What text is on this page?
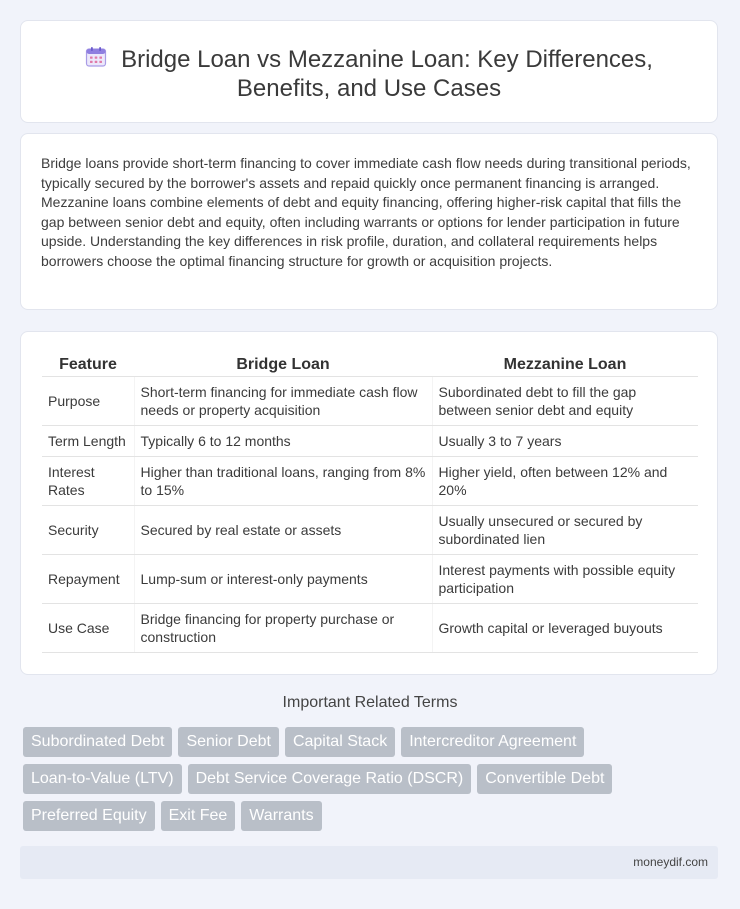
Bridge Loan vs Mezzanine Loan: Key Differences,
Benefits, and Use Cases

Bridge loans provide short-term financing to cover immediate cash flow needs during transitional periods, typically secured by the borrower's assets and repaid quickly once permanent financing is arranged. Mezzanine loans combine elements of debt and equity financing, offering higher-risk capital that fills the gap between senior debt and equity, often including warrants or options for lender participation in future upside. Understanding the key differences in risk profile, duration, and collateral requirements helps borrowers choose the optimal financing structure for growth or acquisition projects.

Feature	Bridge Loan	Mezzanine Loan
Purpose	Short-term financing for immediate cash flow needs or property acquisition	Subordinated debt to fill the gap between senior debt and equity
Term Length	Typically 6 to 12 months	Usually 3 to 7 years
Interest Rates	Higher than traditional loans, ranging from 8% to 15%	Higher yield, often between 12% and 20%
Security	Secured by real estate or assets	Usually unsecured or secured by subordinated lien
Repayment	Lump-sum or interest-only payments	Interest payments with possible equity participation
Use Case	Bridge financing for property purchase or construction	Growth capital or leveraged buyouts
Important Related Terms
Subordinated Debt Senior Debt Capital Stack Intercreditor Agreement
Loan-to-Value (LTV) Debt Service Coverage Ratio (DSCR) Convertible Debt
Preferred Equity Exit Fee Warrants
moneydif.com
